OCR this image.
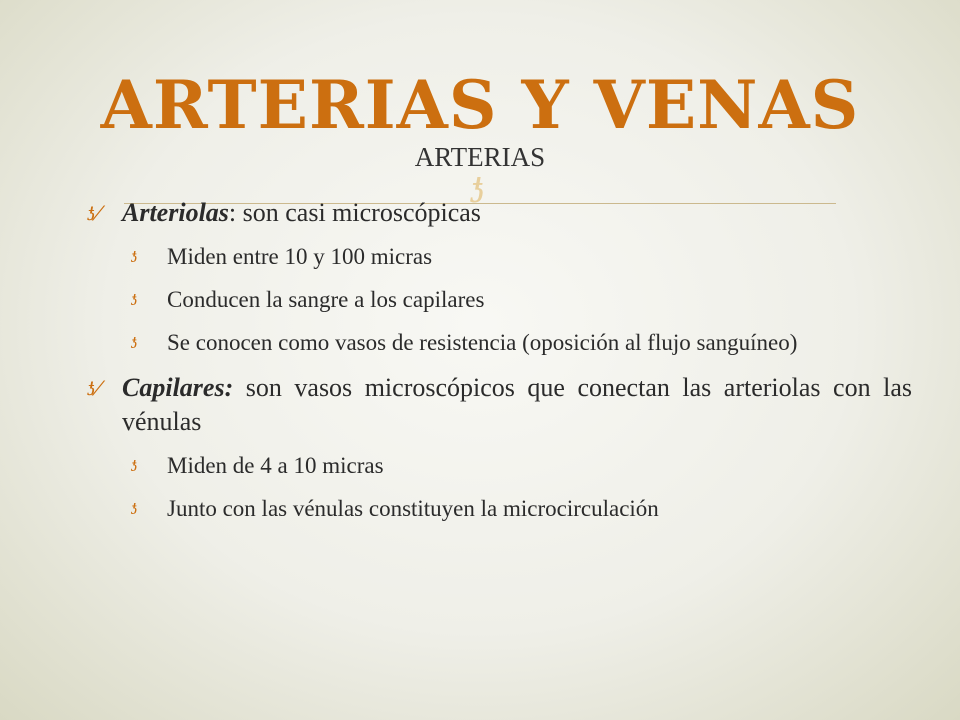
ARTERIAS Y VENAS
ARTERIAS
ƾ
ƾ⁄ Arteriolas: son casi microscópicas
ƾ Miden entre 10 y 100 micras
ƾ Conducen la sangre a los capilares
ƾ Se conocen como vasos de resistencia (oposición al flujo sanguíneo)
ƾ⁄ Capilares: son vasos microscópicos que conectan las arteriolas con las vénulas
ƾ Miden de 4 a 10 micras
ƾ Junto con las vénulas constituyen la microcirculación
